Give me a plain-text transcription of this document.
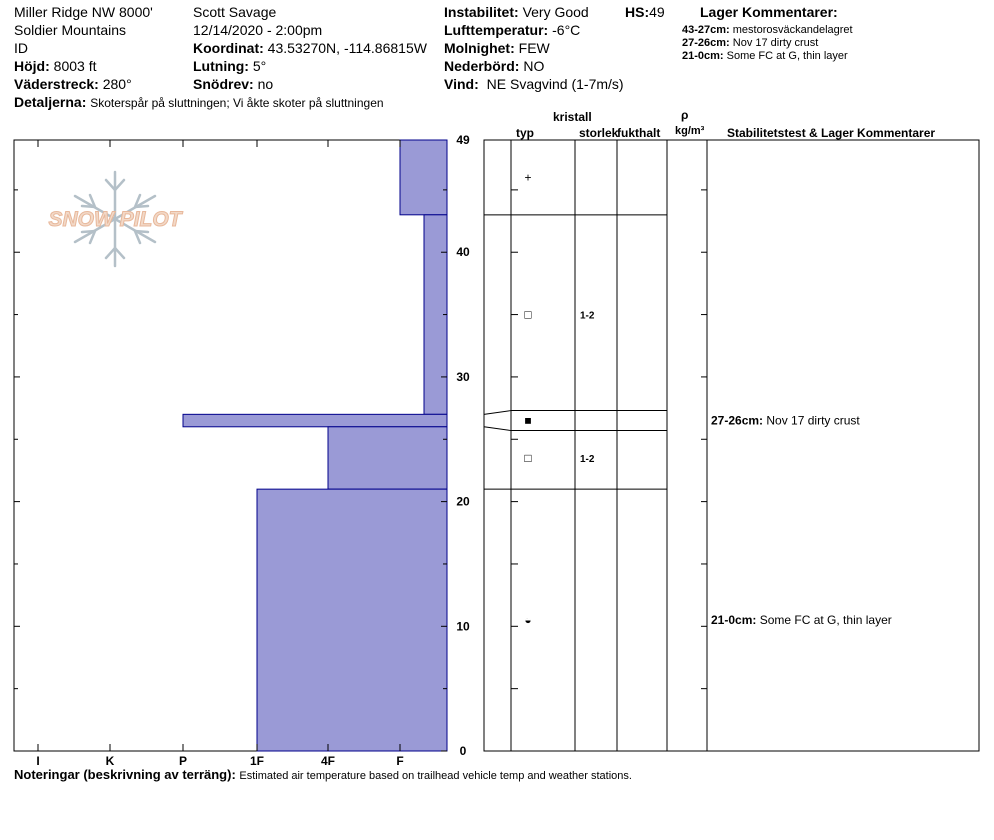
Miller Ridge NW 8000'
Soldier Mountains
ID
Höjd: 8003 ft
Väderstreck: 280°
Detaljerna: Skoterspår på sluttningen; Vi åkte skoter på sluttningen
Scott Savage
12/14/2020 - 2:00pm
Koordinat: 43.53270N, -114.86815W
Lutning: 5°
Snödrev: no
Instabilitet: Very Good	HS:49
Lufttemperatur: -6°C
Molnighet: FEW
Nederbörd: NO
Vind: NE Svagvind (1-7m/s)
Lager Kommentarer:
43-27cm: mestorosväckandelagret
27-26cm: Nov 17 dirty crust
21-0cm: Some FC at G, thin layer
SNOW PILOT
I	K	P	1F	4F	F
0
10
20
30
40
49
+
□	1-2
■
□	1-2
◒
27-26cm: Nov 17 dirty crust
21-0cm: Some FC at G, thin layer
kristall
typ	storlek
fukthalt
ρ
kg/m³ Stabilitetstest & Lager Kommentarer
Noteringar (beskrivning av terräng): Estimated air temperature based on trailhead vehicle temp and weather stations.
